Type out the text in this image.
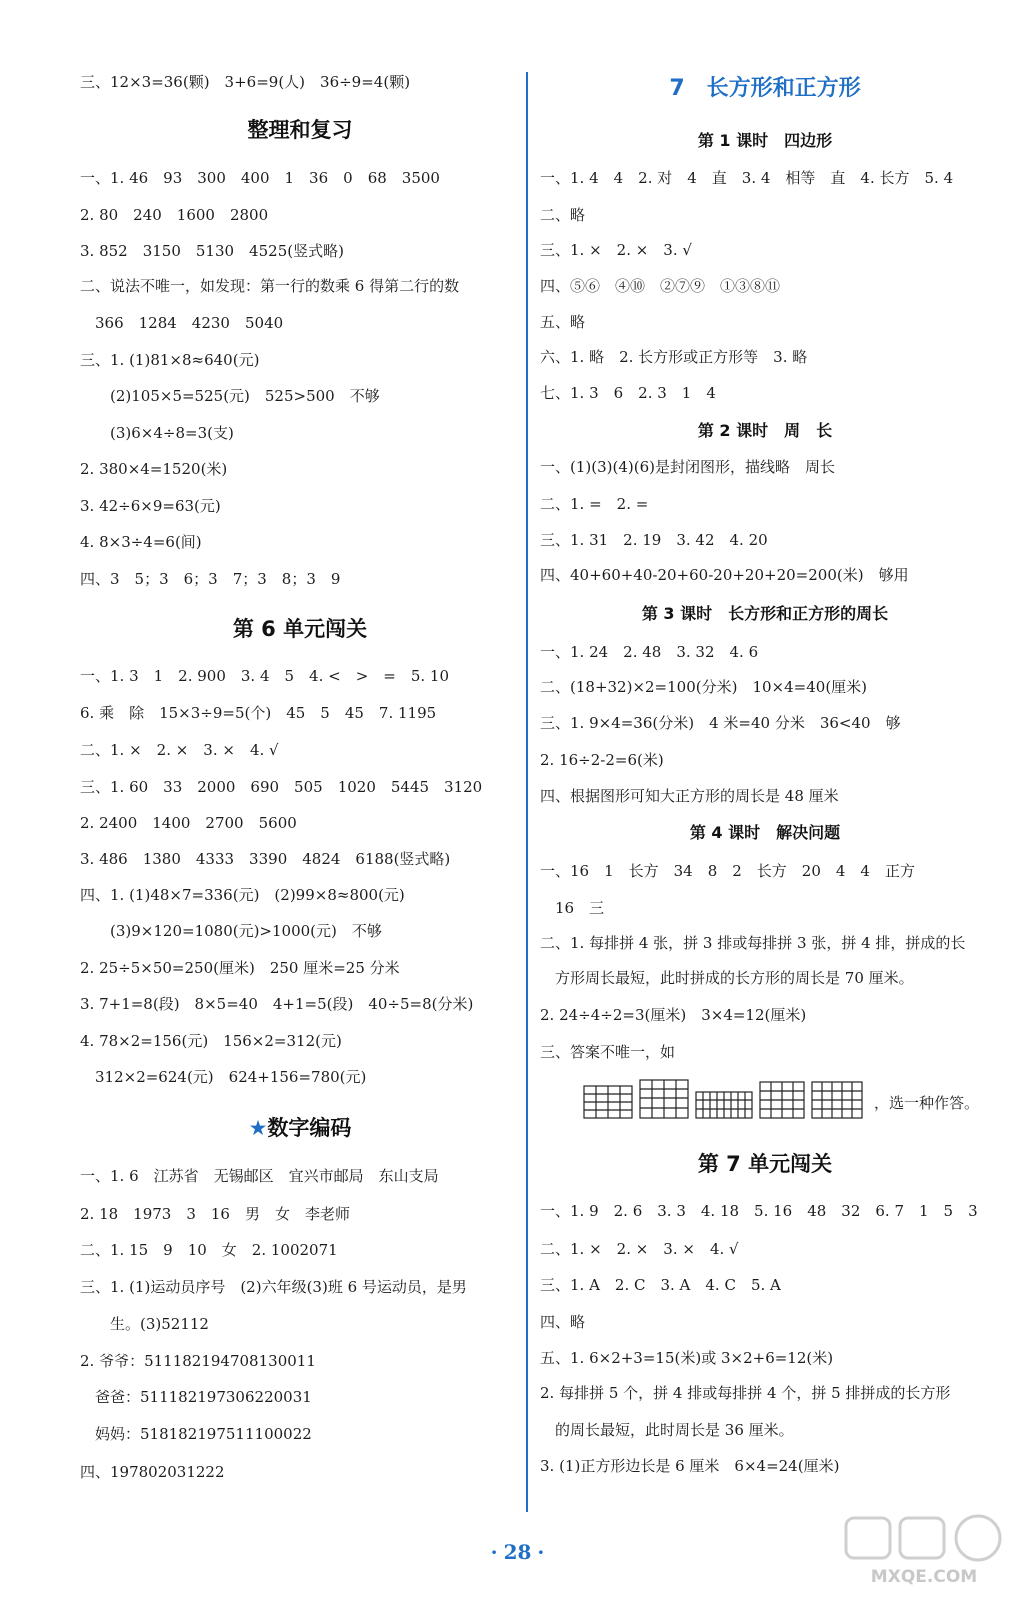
三、12×3=36(颗)　3+6=9(人)　36÷9=4(颗)
整理和复习
一、1. 46　93　300　400　1　36　0　68　3500
2. 80　240　1600　2800
3. 852　3150　5130　4525(竖式略)
二、说法不唯一，如发现：第一行的数乘 6 得第二行的数
　366　1284　4230　5040
三、1. (1)81×8≈640(元)
　　(2)105×5=525(元)　525>500　不够
　　(3)6×4÷8=3(支)
2. 380×4=1520(米)
3. 42÷6×9=63(元)
4. 8×3÷4=6(间)
四、3　5；3　6；3　7；3　8；3　9
第 6 单元闯关
一、1. 3　1　2. 900　3. 4　5　4. <　>　=　5. 10
6. 乘　除　15×3÷9=5(个)　45　5　45　7. 1195
二、1. ×　2. ×　3. ×　4. √
三、1. 60　33　2000　690　505　1020　5445　3120
2. 2400　1400　2700　5600
3. 486　1380　4333　3390　4824　6188(竖式略)
四、1. (1)48×7=336(元)　(2)99×8≈800(元)
　　(3)9×120=1080(元)>1000(元)　不够
2. 25÷5×50=250(厘米)　250 厘米=25 分米
3. 7+1=8(段)　8×5=40　4+1=5(段)　40÷5=8(分米)
4. 78×2=156(元)　156×2=312(元)
　312×2=624(元)　624+156=780(元)
★数字编码
一、1. 6　江苏省　无锡邮区　宜兴市邮局　东山支局
2. 18　1973　3　16　男　女　李老师
二、1. 15　9　10　女　2. 1002071
三、1. (1)运动员序号　(2)六年级(3)班 6 号运动员，是男
　　生。(3)52112
2. 爷爷：511182194708130011
　爸爸：511182197306220031
　妈妈：518182197511100022
四、197802031222
7　长方形和正方形
第 1 课时　四边形
一、1. 4　4　2. 对　4　直　3. 4　相等　直　4. 长方　5. 4
二、略
三、1. ×　2. ×　3. √
四、⑤⑥　④⑩　②⑦⑨　①③⑧⑪
五、略
六、1. 略　2. 长方形或正方形等　3. 略
七、1. 3　6　2. 3　1　4
第 2 课时　周　长
一、(1)(3)(4)(6)是封闭图形，描线略　周长
二、1. =　2. =
三、1. 31　2. 19　3. 42　4. 20
四、40+60+40-20+60-20+20+20=200(米)　够用
第 3 课时　长方形和正方形的周长
一、1. 24　2. 48　3. 32　4. 6
二、(18+32)×2=100(分米)　10×4=40(厘米)
三、1. 9×4=36(分米)　4 米=40 分米　36<40　够
2. 16÷2-2=6(米)
四、根据图形可知大正方形的周长是 48 厘米
第 4 课时　解决问题
一、16　1　长方　34　8　2　长方　20　4　4　正方
　16　三
二、1. 每排拼 4 张，拼 3 排或每排拼 3 张，拼 4 排，拼成的长
　方形周长最短，此时拼成的长方形的周长是 70 厘米。
2. 24÷4÷2=3(厘米)　3×4=12(厘米)
三、答案不唯一，如
，选一种作答。
第 7 单元闯关
一、1. 9　2. 6　3. 3　4. 18　5. 16　48　32　6. 7　1　5　3
二、1. ×　2. ×　3. ×　4. √
三、1. A　2. C　3. A　4. C　5. A
四、略
五、1. 6×2+3=15(米)或 3×2+6=12(米)
2. 每排拼 5 个，拼 4 排或每排拼 4 个，拼 5 排拼成的长方形
　的周长最短，此时周长是 36 厘米。
3. (1)正方形边长是 6 厘米　6×4=24(厘米)
· 28 ·
MXQE.COM
